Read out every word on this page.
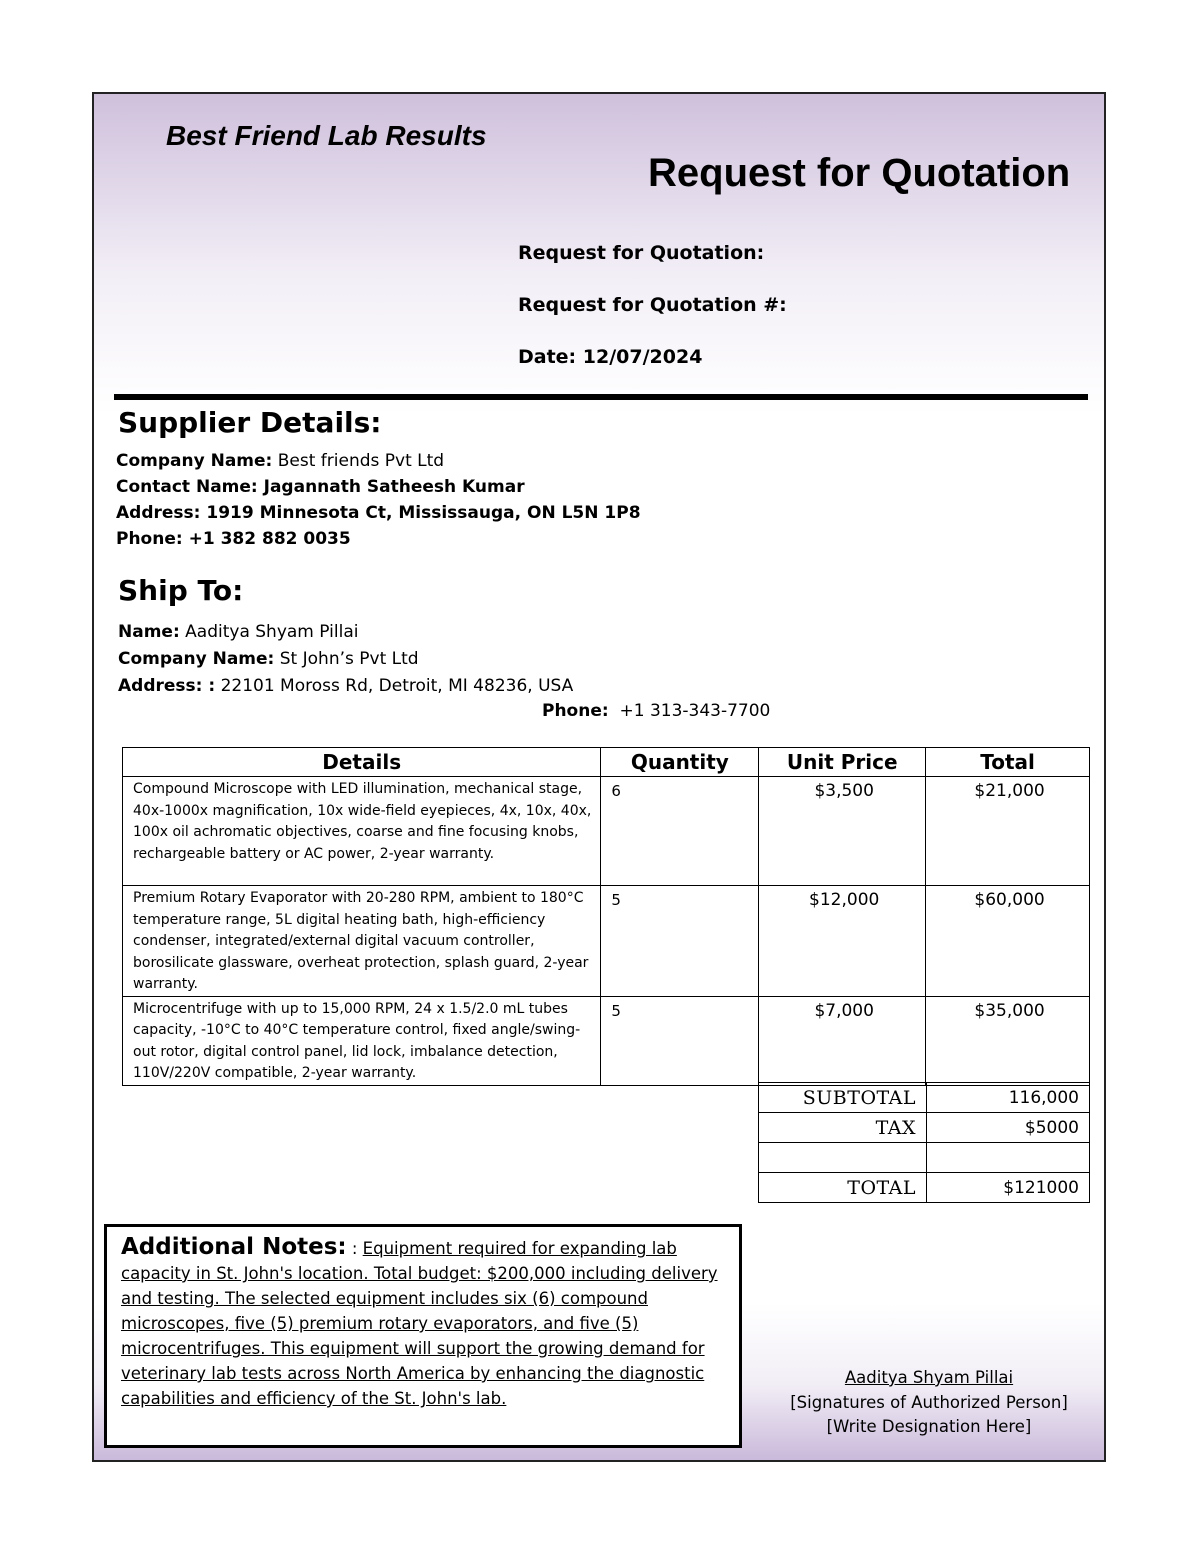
Best Friend Lab Results
Request for Quotation
Request for Quotation:
Request for Quotation #:
Date: 12/07/2024
Supplier Details:
Company Name: Best friends Pvt Ltd
Contact Name: Jagannath Satheesh Kumar
Address: 1919 Minnesota Ct, Mississauga, ON L5N 1P8
Phone: +1 382 882 0035
Ship To:
Name: Aaditya Shyam Pillai
Company Name: St John’s Pvt Ltd
Address: : 22101 Moross Rd, Detroit, MI 48236, USA
Phone: +1 313-343-7700
Details	Quantity	Unit Price	Total
Compound Microscope with LED illumination, mechanical stage, 40x-1000x magnification, 10x wide-field eyepieces, 4x, 10x, 40x, 100x oil achromatic objectives, coarse and fine focusing knobs, rechargeable battery or AC power, 2-year warranty.	6	$3,500	$21,000
Premium Rotary Evaporator with 20-280 RPM, ambient to 180°C temperature range, 5L digital heating bath, high-efficiency condenser, integrated/external digital vacuum controller, borosilicate glassware, overheat protection, splash guard, 2-year warranty.	5	$12,000	$60,000
Microcentrifuge with up to 15,000 RPM, 24 x 1.5/2.0 mL tubes capacity, -10°C to 40°C temperature control, fixed angle/swing-out rotor, digital control panel, lid lock, imbalance detection, 110V/220V compatible, 2-year warranty.	5	$7,000	$35,000
SUBTOTAL	116,000
TAX	$5000

TOTAL	$121000
Additional Notes: : Equipment required for expanding lab capacity in St. John's location. Total budget: $200,000 including delivery and testing. The selected equipment includes six (6) compound microscopes, five (5) premium rotary evaporators, and five (5) microcentrifuges. This equipment will support the growing demand for veterinary lab tests across North America by enhancing the diagnostic capabilities and efficiency of the St. John's lab.
Aaditya Shyam Pillai
[Signatures of Authorized Person]
[Write Designation Here]
